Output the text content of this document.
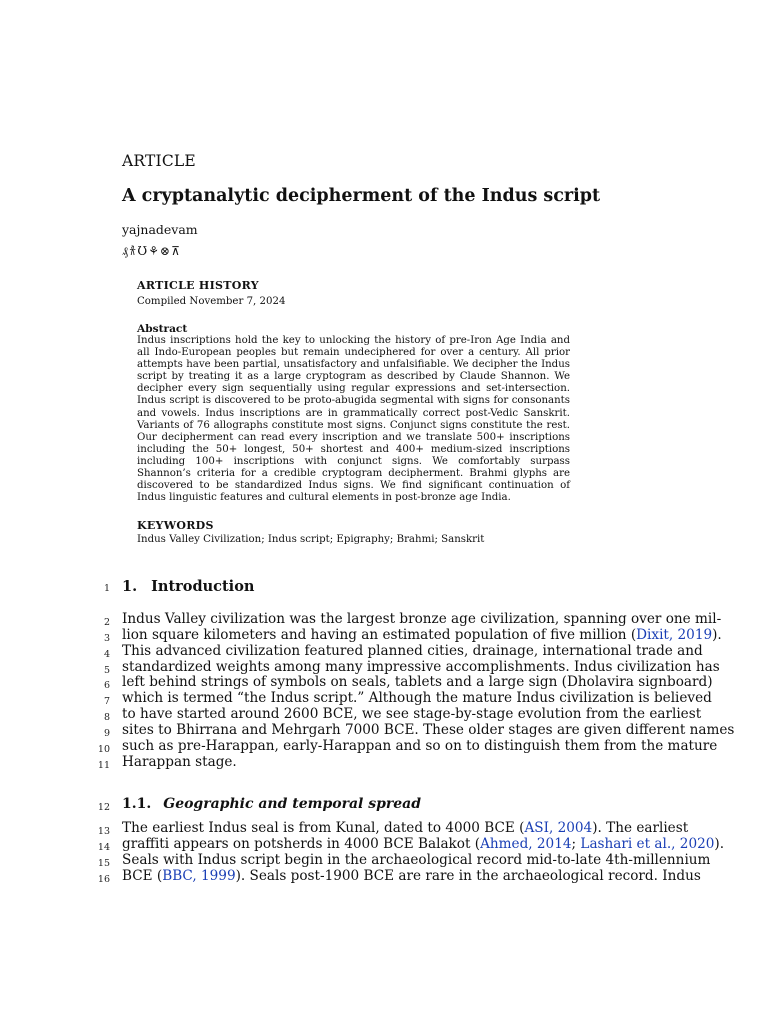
ARTICLE
A cryptanalytic decipherment of the Indus script
yajnadevam
₰𐀪Ʊ⚘⊗⊼
ARTICLE HISTORY
Compiled November 7, 2024
Abstract

Indus inscriptions hold the key to unlocking the history of pre-Iron Age India and all Indo-European peoples but remain undeciphered for over a century. All prior attempts have been partial, unsatisfactory and unfalsifiable. We decipher the Indus script by treating it as a large cryptogram as described by Claude Shannon. We decipher every sign sequentially using regular expressions and set-intersection. Indus script is discovered to be proto-abugida segmental with signs for consonants and vowels. Indus inscriptions are in grammatically correct post-Vedic Sanskrit. Variants of 76 allographs constitute most signs. Conjunct signs constitute the rest. Our decipherment can read every inscription and we translate 500+ inscriptions including the 50+ longest, 50+ shortest and 400+ medium-sized inscriptions including 100+ inscriptions with conjunct signs. We comfortably surpass Shannon’s criteria for a credible cryptogram decipherment. Brahmi glyphs are discovered to be standardized Indus signs. We find significant continuation of Indus linguistic features and cultural elements in post-bronze age India.

KEYWORDS
Indus Valley Civilization; Indus script; Epigraphy; Brahmi; Sanskrit
1
2
3
4
5
6
7
8
9
10
11
12
13
14
15
16
1. Introduction
Indus Valley civilization was the largest bronze age civilization, spanning over one mil-
lion square kilometers and having an estimated population of five million (Dixit, 2019).
This advanced civilization featured planned cities, drainage, international trade and
standardized weights among many impressive accomplishments. Indus civilization has
left behind strings of symbols on seals, tablets and a large sign (Dholavira signboard)
which is termed “the Indus script.” Although the mature Indus civilization is believed
to have started around 2600 BCE, we see stage-by-stage evolution from the earliest
sites to Bhirrana and Mehrgarh 7000 BCE. These older stages are given different names
such as pre-Harappan, early-Harappan and so on to distinguish them from the mature
Harappan stage.
1.1. Geographic and temporal spread
The earliest Indus seal is from Kunal, dated to 4000 BCE (ASI, 2004). The earliest
graffiti appears on potsherds in 4000 BCE Balakot (Ahmed, 2014; Lashari et al., 2020).
Seals with Indus script begin in the archaeological record mid-to-late 4th-millennium
BCE (BBC, 1999). Seals post-1900 BCE are rare in the archaeological record. Indus
